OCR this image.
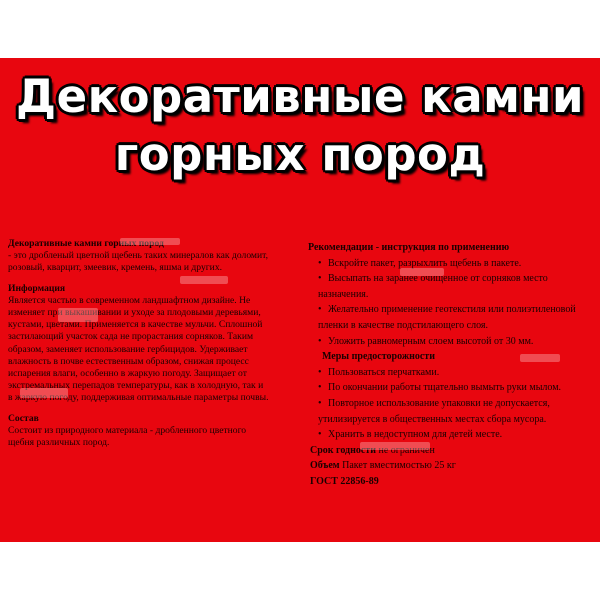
Декоративные камни
горных пород

Декоративные камни горных пород

- это дробленый цветной щебень таких минералов как доломит, розовый, кварцит, змеевик, кремень, яшма и других.

Информация

Является частью в современном ландшафтном дизайне. Не изменяет при выкашивании и уходе за плодовыми деревьями, кустами, цветами. Применяется в качестве мульчи. Сплошной застилающий участок сада не прорастания сорняков. Таким образом, заменяет использование гербицидов. Удерживает влажность в почве естественным образом, снижая процесс испарения влаги, особенно в жаркую погоду. Защищает от экстремальных перепадов температуры, как в холодную, так и в жаркую погоду, поддерживая оптимальные параметры почвы.

Состав

Состоит из природного материала - дробленного цветного щебня различных пород.

Рекомендации - инструкция по применению

• Вскройте пакет, разрыхлить щебень в пакете.

• Высыпать на заранее очищенное от сорняков место назначения.

• Желательно применение геотекстиля или полиэтиленовой пленки в качестве подстилающего слоя.

• Уложить равномерным слоем высотой от 30 мм.

Меры предосторожности

• Пользоваться перчатками.

• По окончании работы тщательно вымыть руки мылом.

• Повторное использование упаковки не допускается, утилизируется в общественных местах сбора мусора.

• Хранить в недоступном для детей месте.

Срок годности не ограничен

Объем Пакет вместимостью 25 кг

ГОСТ 22856-89
